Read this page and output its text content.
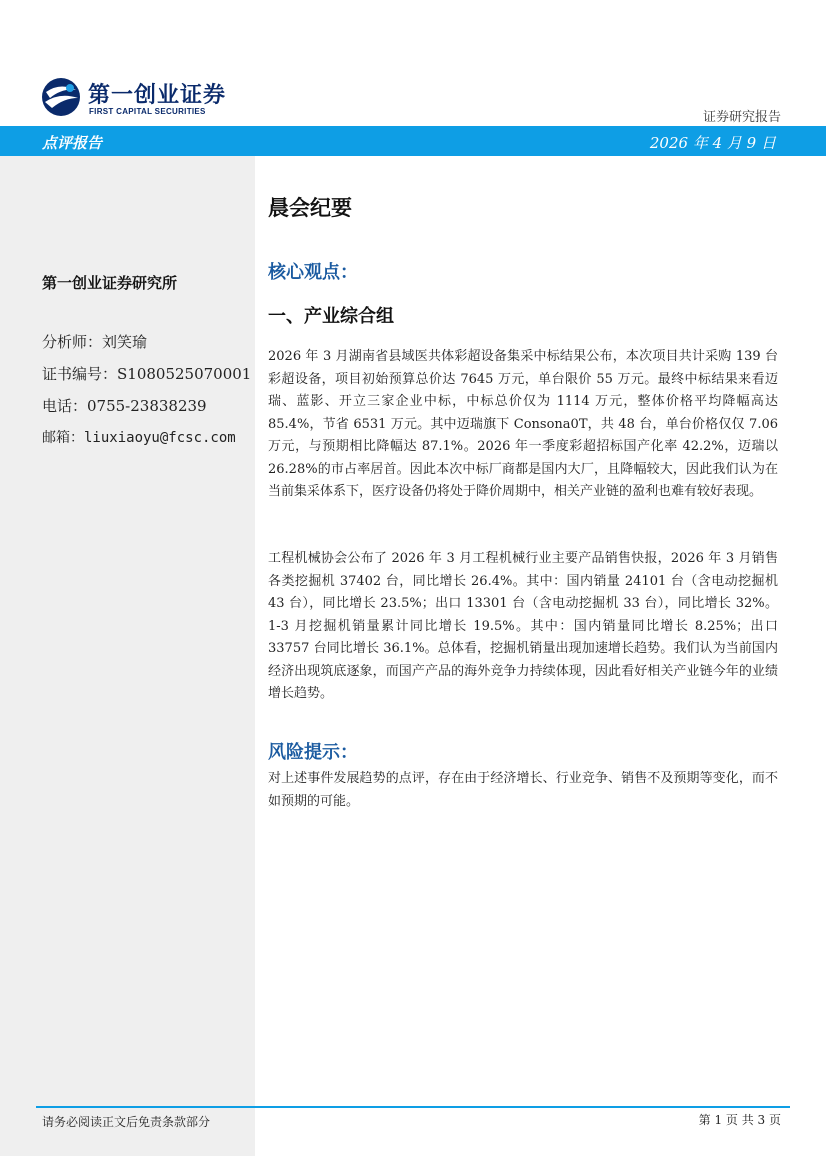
第一创业证券
FIRST CAPITAL SECURITIES	证券研究报告
点评报告	2026 年 4 月 9 日
第一创业证券研究所
分析师：刘笑瑜
证书编号：S1080525070001
电话：0755-23838239
邮箱：liuxiaoyu@fcsc.com
晨会纪要
核心观点：
一、产业综合组

2026 年 3 月湖南省县域医共体彩超设备集采中标结果公布，本次项目共计采购 139 台彩超设备，项目初始预算总价达 7645 万元，单台限价 55 万元。最终中标结果来看迈瑞、蓝影、开立三家企业中标，中标总价仅为 1114 万元，整体价格平均降幅高达 85.4%，节省 6531 万元。其中迈瑞旗下 Consona0T，共 48 台，单台价格仅仅 7.06 万元，与预期相比降幅达 87.1%。2026 年一季度彩超招标国产化率 42.2%，迈瑞以 26.28%的市占率居首。因此本次中标厂商都是国内大厂，且降幅较大，因此我们认为在当前集采体系下，医疗设备仍将处于降价周期中，相关产业链的盈利也难有较好表现。

工程机械协会公布了 2026 年 3 月工程机械行业主要产品销售快报，2026 年 3 月销售各类挖掘机 37402 台，同比增长 26.4%。其中：国内销量 24101 台（含电动挖掘机 43 台），同比增长 23.5%；出口 13301 台（含电动挖掘机 33 台），同比增长 32%。1-3 月挖掘机销量累计同比增长 19.5%。其中：国内销量同比增长 8.25%；出口 33757 台同比增长 36.1%。总体看，挖掘机销量出现加速增长趋势。我们认为当前国内经济出现筑底逐象，而国产产品的海外竞争力持续体现，因此看好相关产业链今年的业绩增长趋势。

风险提示：

对上述事件发展趋势的点评，存在由于经济增长、行业竞争、销售不及预期等变化，而不如预期的可能。

请务必阅读正文后免责条款部分	第 1 页 共 3 页
